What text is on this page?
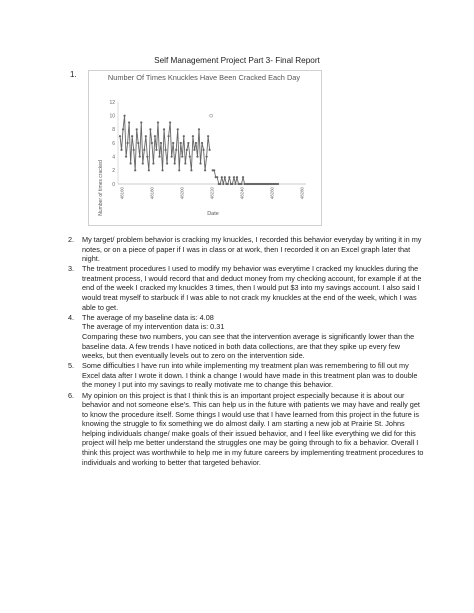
Self Management Project Part 3- Final Report
1.	Number Of Times Knuckles Have Been Cracked Each Day
0
2
4
6
8
10
12
48160	48180	48200	48220	48240	48260	48280
Number of times cracked	Date
2. My target/ problem behavior is cracking my knuckles, I recorded this behavior everyday by writing it in my notes, or on a piece of paper if I was in class or at work, then I recorded it on an Excel graph later that night.

3. The treatment procedures I used to modify my behavior was everytime I cracked my knuckles during the treatment process, I would record that and deduct money from my checking account, for example if at the end of the week I cracked my knuckles 3 times, then I would put $3 into my savings account. I also said I would treat myself to starbuck if I was able to not crack my knuckles at the end of the week, which I was able to get.

4. The average of my baseline data is: 4.08

The average of my intervention data is: 0.31

Comparing these two numbers, you can see that the intervention average is significantly lower than the baseline data. A few trends I have noticed in both data collections, are that they spike up every few weeks, but then eventually levels out to zero on the intervention side.

5. Some difficulties I have run into while implementing my treatment plan was remembering to fill out my Excel data after I wrote it down. I think a change I would have made in this treatment plan was to double the money I put into my savings to really motivate me to change this behavior.

6. My opinion on this project is that I think this is an important project especially because it is about our behavior and not someone else's. This can help us in the future with patients we may have and really get to know the procedure itself. Some things I would use that I have learned from this project in the future is knowing the struggle to fix something we do almost daily. I am starting a new job at Prairie St. Johns helping individuals change/ make goals of their issued behavior, and I feel like everything we did for this project will help me better understand the struggles one may be going through to fix a behavior. Overall I think this project was worthwhile to help me in my future careers by implementing treatment procedures to individuals and working to better that targeted behavior.
